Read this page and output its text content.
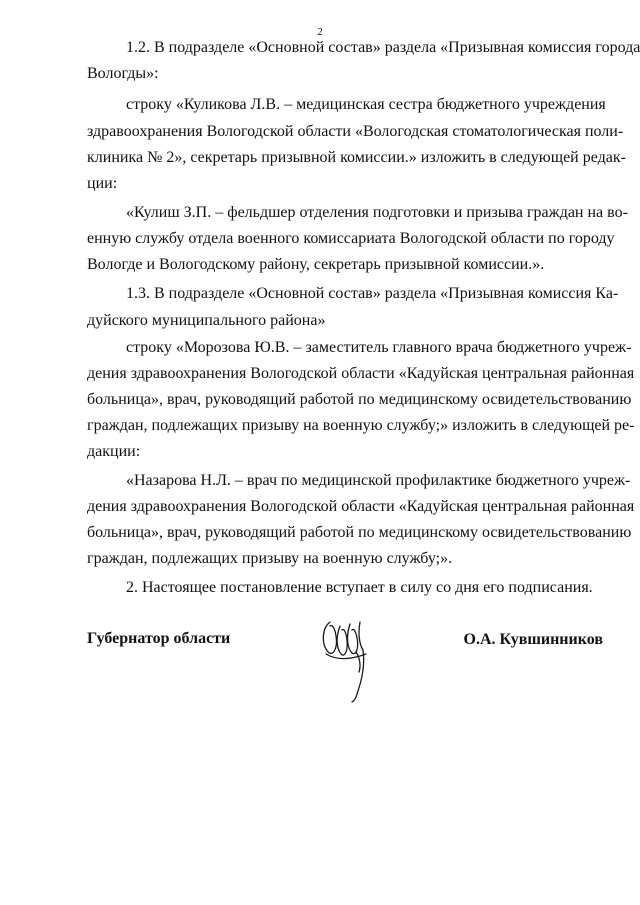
2
1.2. В подразделе «Основной состав» раздела «Призывная комиссия города
Вологды»:
строку «Куликова Л.В. – медицинская сестра бюджетного учреждения
здравоохранения Вологодской области «Вологодская стоматологическая поли-
клиника № 2», секретарь призывной комиссии.» изложить в следующей редак-
ции:
«Кулиш З.П. – фельдшер отделения подготовки и призыва граждан на во-
енную службу отдела военного комиссариата Вологодской области по городу
Вологде и Вологодскому району, секретарь призывной комиссии.».
1.3. В подразделе «Основной состав» раздела «Призывная комиссия Ка-
дуйского муниципального района»
строку «Морозова Ю.В. – заместитель главного врача бюджетного учреж-
дения здравоохранения Вологодской области «Кадуйская центральная районная
больница», врач, руководящий работой по медицинскому освидетельствованию
граждан, подлежащих призыву на военную службу;» изложить в следующей ре-
дакции:
«Назарова Н.Л. – врач по медицинской профилактике бюджетного учреж-
дения здравоохранения Вологодской области «Кадуйская центральная районная
больница», врач, руководящий работой по медицинскому освидетельствованию
граждан, подлежащих призыву на военную службу;».
2. Настоящее постановление вступает в силу со дня его подписания.
Губернатор области	О.А. Кувшинников
